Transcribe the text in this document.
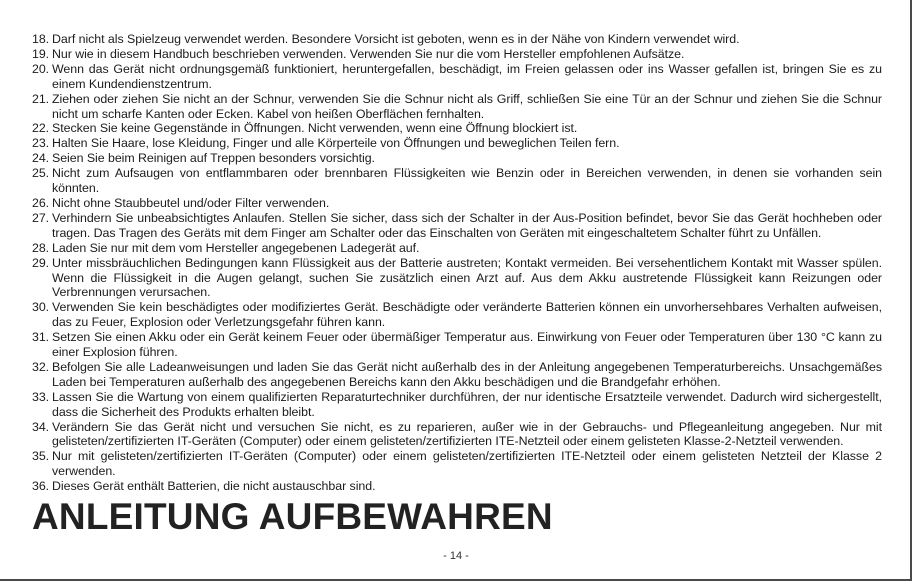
18. Darf nicht als Spielzeug verwendet werden. Besondere Vorsicht ist geboten, wenn es in der Nähe von Kindern verwendet wird.
19. Nur wie in diesem Handbuch beschrieben verwenden. Verwenden Sie nur die vom Hersteller empfohlenen Aufsätze.
20. Wenn das Gerät nicht ordnungsgemäß funktioniert, heruntergefallen, beschädigt, im Freien gelassen oder ins Wasser gefallen ist, bringen Sie es zu einem Kundendienstzentrum.
21. Ziehen oder ziehen Sie nicht an der Schnur, verwenden Sie die Schnur nicht als Griff, schließen Sie eine Tür an der Schnur und ziehen Sie die Schnur nicht um scharfe Kanten oder Ecken. Kabel von heißen Oberflächen fernhalten.
22. Stecken Sie keine Gegenstände in Öffnungen. Nicht verwenden, wenn eine Öffnung blockiert ist.
23. Halten Sie Haare, lose Kleidung, Finger und alle Körperteile von Öffnungen und beweglichen Teilen fern.
24. Seien Sie beim Reinigen auf Treppen besonders vorsichtig.
25. Nicht zum Aufsaugen von entflammbaren oder brennbaren Flüssigkeiten wie Benzin oder in Bereichen verwenden, in denen sie vorhanden sein könnten.
26. Nicht ohne Staubbeutel und/oder Filter verwenden.
27. Verhindern Sie unbeabsichtigtes Anlaufen. Stellen Sie sicher, dass sich der Schalter in der Aus-Position befindet, bevor Sie das Gerät hochheben oder tragen. Das Tragen des Geräts mit dem Finger am Schalter oder das Einschalten von Geräten mit eingeschaltetem Schalter führt zu Unfällen.
28. Laden Sie nur mit dem vom Hersteller angegebenen Ladegerät auf.
29. Unter missbräuchlichen Bedingungen kann Flüssigkeit aus der Batterie austreten; Kontakt vermeiden. Bei versehentlichem Kontakt mit Wasser spülen. Wenn die Flüssigkeit in die Augen gelangt, suchen Sie zusätzlich einen Arzt auf. Aus dem Akku austretende Flüssigkeit kann Reizungen oder Verbrennungen verursachen.
30. Verwenden Sie kein beschädigtes oder modifiziertes Gerät. Beschädigte oder veränderte Batterien können ein unvorhersehbares Verhalten aufweisen, das zu Feuer, Explosion oder Verletzungsgefahr führen kann.
31. Setzen Sie einen Akku oder ein Gerät keinem Feuer oder übermäßiger Temperatur aus. Einwirkung von Feuer oder Temperaturen über 130 °C kann zu einer Explosion führen.
32. Befolgen Sie alle Ladeanweisungen und laden Sie das Gerät nicht außerhalb des in der Anleitung angegebenen Temperaturbereichs. Unsachgemäßes Laden bei Temperaturen außerhalb des angegebenen Bereichs kann den Akku beschädigen und die Brandgefahr erhöhen.
33. Lassen Sie die Wartung von einem qualifizierten Reparaturtechniker durchführen, der nur identische Ersatzteile verwendet. Dadurch wird sichergestellt, dass die Sicherheit des Produkts erhalten bleibt.
34. Verändern Sie das Gerät nicht und versuchen Sie nicht, es zu reparieren, außer wie in der Gebrauchs- und Pflegeanleitung angegeben. Nur mit gelisteten/zertifizierten IT-Geräten (Computer) oder einem gelisteten/zertifizierten ITE-Netzteil oder einem gelisteten Klasse-2-Netzteil verwenden.
35. Nur mit gelisteten/zertifizierten IT-Geräten (Computer) oder einem gelisteten/zertifizierten ITE-Netzteil oder einem gelisteten Netzteil der Klasse 2 verwenden.
36. Dieses Gerät enthält Batterien, die nicht austauschbar sind.
ANLEITUNG AUFBEWAHREN
- 14 -
